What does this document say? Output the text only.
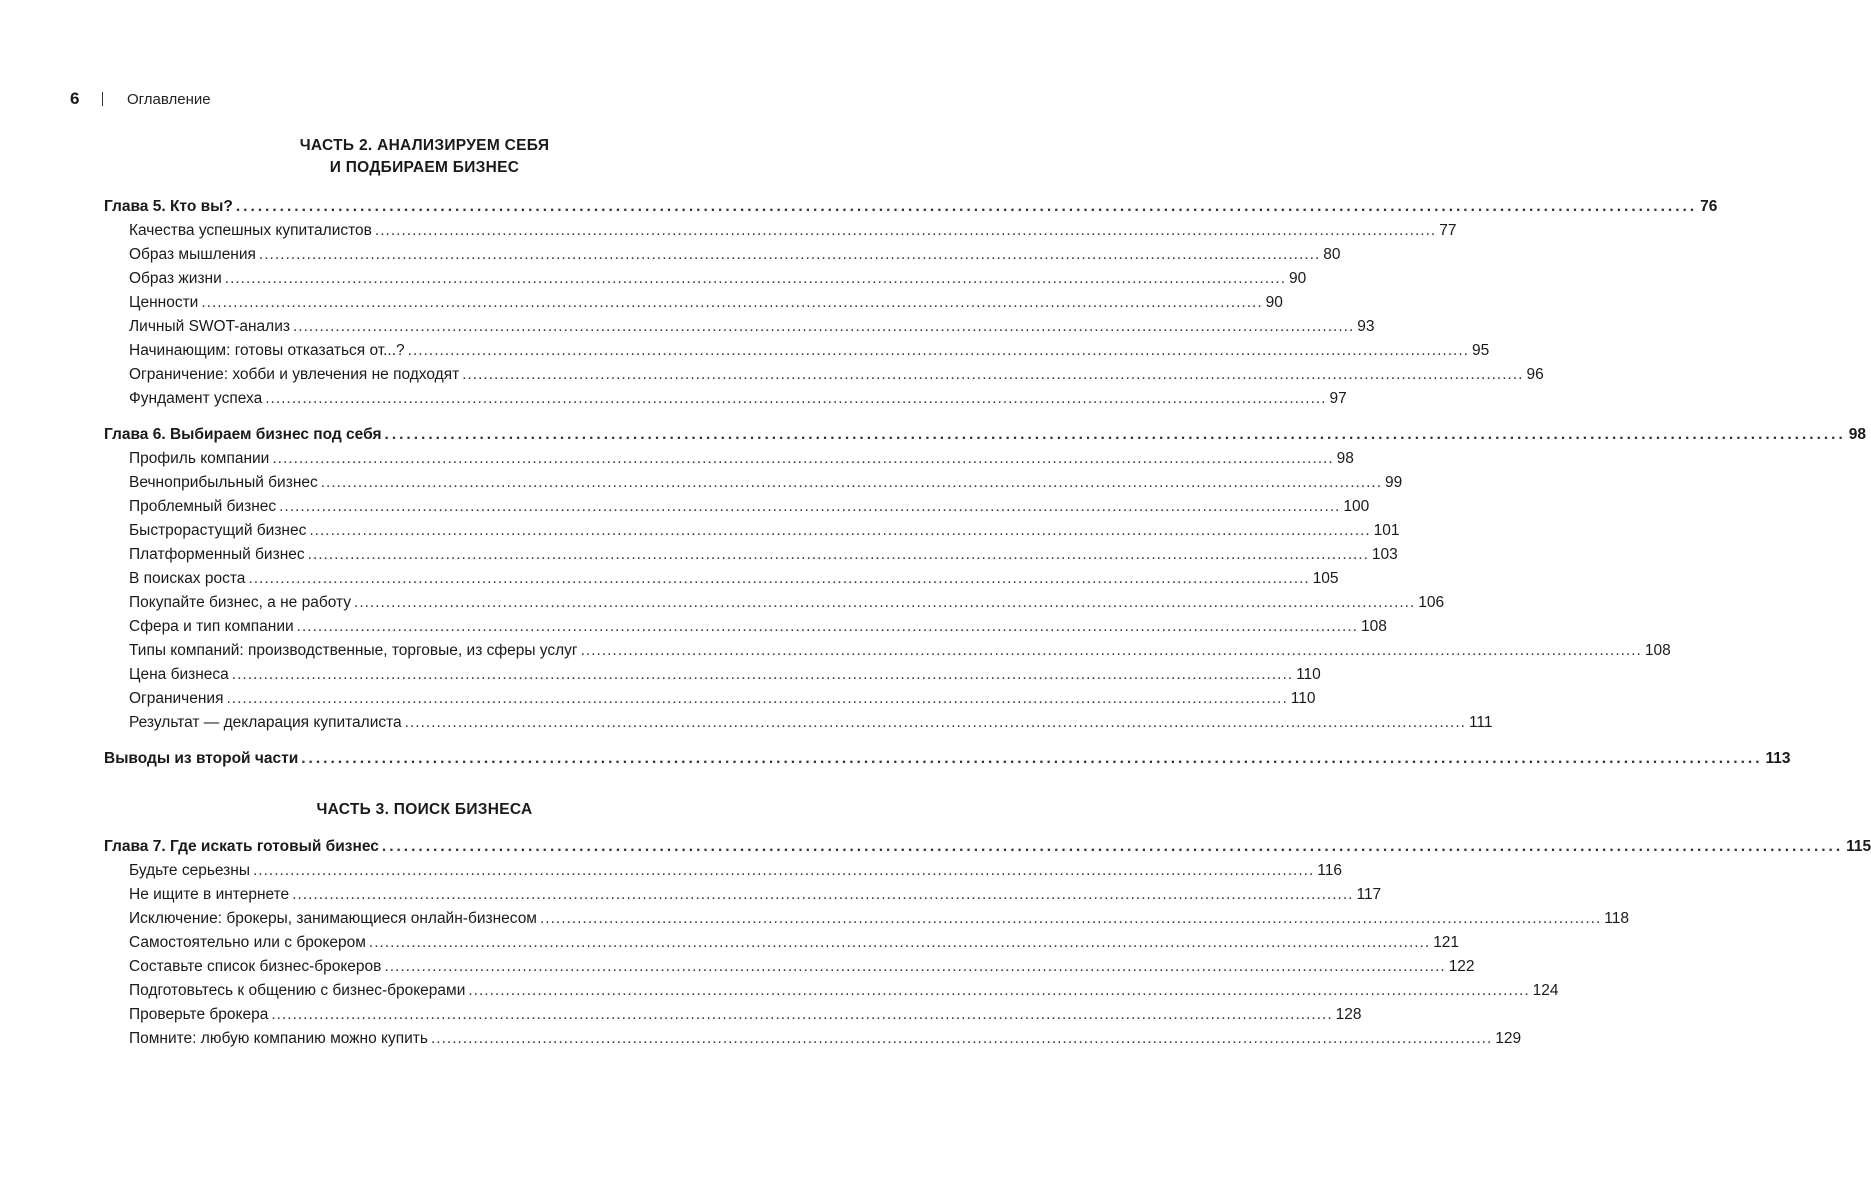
6	Оглавление
ЧАСТЬ 2. АНАЛИЗИРУЕМ СЕБЯ
И ПОДБИРАЕМ БИЗНЕС
Глава 5. Кто вы? ........................................................................................................................................................................................................ 76
Качества успешных купиталистов ........................................................................................................................................................................................................ 77
Образ мышления ........................................................................................................................................................................................................ 80
Образ жизни ........................................................................................................................................................................................................ 90
Ценности ........................................................................................................................................................................................................ 90
Личный SWOT-анализ ........................................................................................................................................................................................................ 93
Начинающим: готовы отказаться от...? ........................................................................................................................................................................................................ 95
Ограничение: хобби и увлечения не подходят ........................................................................................................................................................................................................ 96
Фундамент успеха ........................................................................................................................................................................................................ 97
Глава 6. Выбираем бизнес под себя ........................................................................................................................................................................................................ 98
Профиль компании ........................................................................................................................................................................................................ 98
Вечноприбыльный бизнес ........................................................................................................................................................................................................ 99
Проблемный бизнес ........................................................................................................................................................................................................ 100
Быстрорастущий бизнес ........................................................................................................................................................................................................ 101
Платформенный бизнес ........................................................................................................................................................................................................ 103
В поисках роста ........................................................................................................................................................................................................ 105
Покупайте бизнес, а не работу ........................................................................................................................................................................................................ 106
Сфера и тип компании ........................................................................................................................................................................................................ 108
Типы компаний: производственные, торговые, из сферы услуг ........................................................................................................................................................................................................ 108
Цена бизнеса ........................................................................................................................................................................................................ 110
Ограничения ........................................................................................................................................................................................................ 110
Результат — декларация купиталиста ........................................................................................................................................................................................................ 111
Выводы из второй части ........................................................................................................................................................................................................ 113
ЧАСТЬ 3. ПОИСК БИЗНЕСА
Глава 7. Где искать готовый бизнес ........................................................................................................................................................................................................ 115
Будьте серьезны ........................................................................................................................................................................................................ 116
Не ищите в интернете ........................................................................................................................................................................................................ 117
Исключение: брокеры, занимающиеся онлайн-бизнесом ........................................................................................................................................................................................................ 118
Самостоятельно или с брокером ........................................................................................................................................................................................................ 121
Составьте список бизнес-брокеров ........................................................................................................................................................................................................ 122
Подготовьтесь к общению с бизнес-брокерами ........................................................................................................................................................................................................ 124
Проверьте брокера ........................................................................................................................................................................................................ 128
Помните: любую компанию можно купить ........................................................................................................................................................................................................ 129
